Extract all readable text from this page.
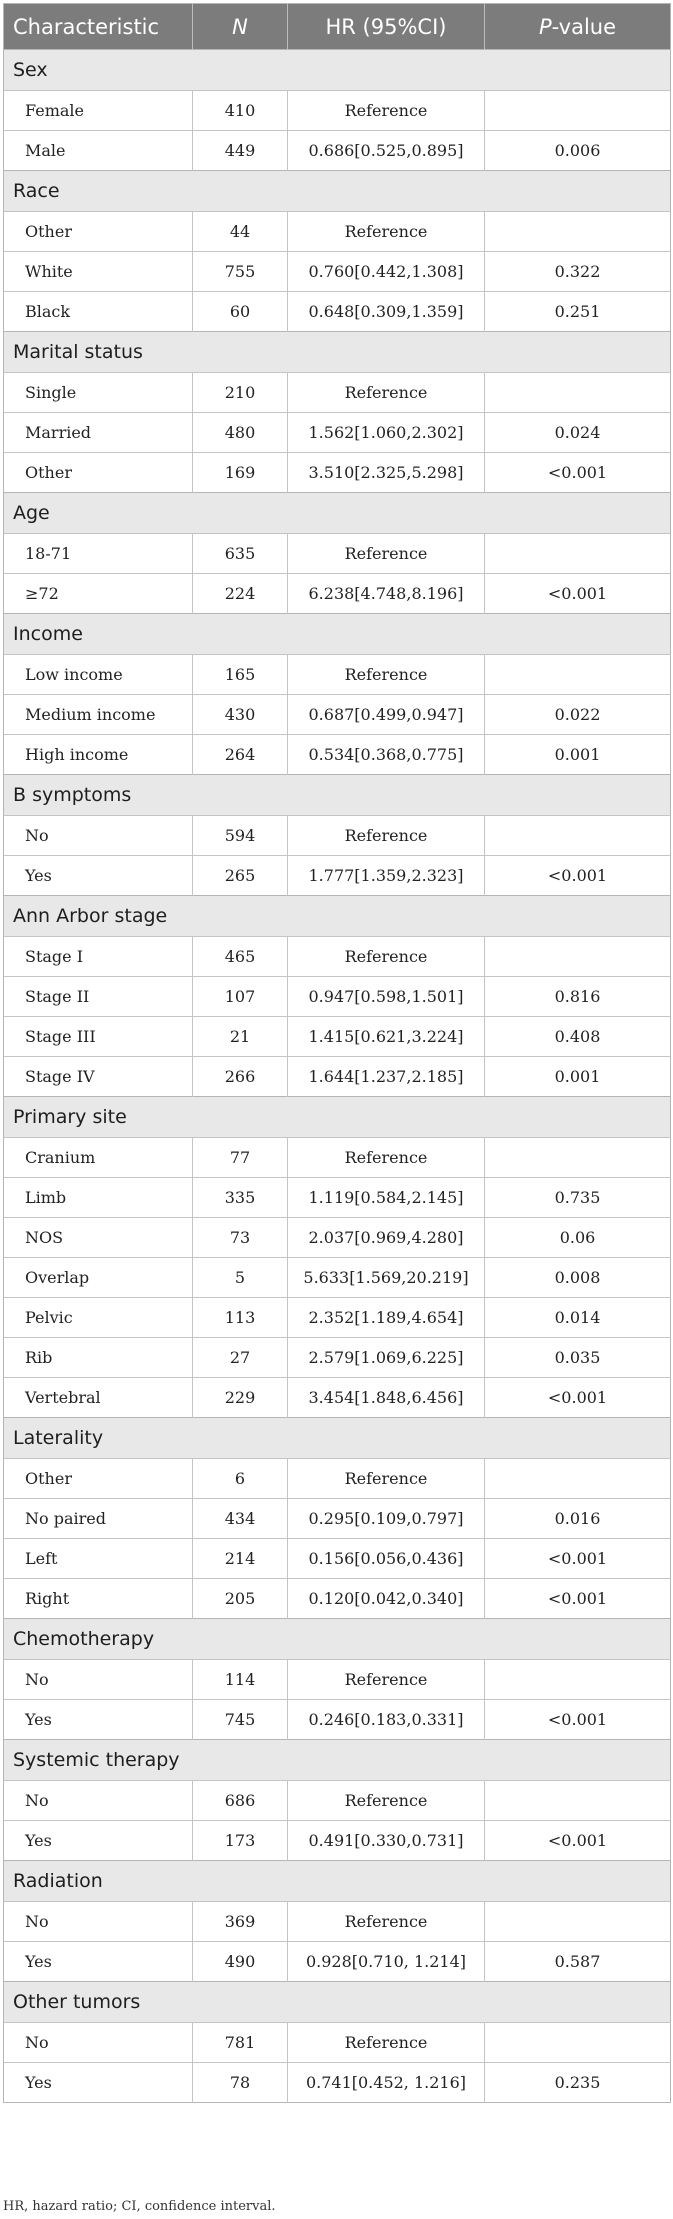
Characteristic	N	HR (95%CI)	P-value
Sex			
Female	410	Reference	
Male	449	0.686[0.525,0.895]	0.006
Race			
Other	44	Reference	
White	755	0.760[0.442,1.308]	0.322
Black	60	0.648[0.309,1.359]	0.251
Marital status			
Single	210	Reference	
Married	480	1.562[1.060,2.302]	0.024
Other	169	3.510[2.325,5.298]	<0.001
Age			
18-71	635	Reference	
≥72	224	6.238[4.748,8.196]	<0.001
Income			
Low income	165	Reference	
Medium income	430	0.687[0.499,0.947]	0.022
High income	264	0.534[0.368,0.775]	0.001
B symptoms			
No	594	Reference	
Yes	265	1.777[1.359,2.323]	<0.001
Ann Arbor stage			
Stage I	465	Reference	
Stage II	107	0.947[0.598,1.501]	0.816
Stage III	21	1.415[0.621,3.224]	0.408
Stage IV	266	1.644[1.237,2.185]	0.001
Primary site			
Cranium	77	Reference	
Limb	335	1.119[0.584,2.145]	0.735
NOS	73	2.037[0.969,4.280]	0.06
Overlap	5	5.633[1.569,20.219]	0.008
Pelvic	113	2.352[1.189,4.654]	0.014
Rib	27	2.579[1.069,6.225]	0.035
Vertebral	229	3.454[1.848,6.456]	<0.001
Laterality			
Other	6	Reference	
No paired	434	0.295[0.109,0.797]	0.016
Left	214	0.156[0.056,0.436]	<0.001
Right	205	0.120[0.042,0.340]	<0.001
Chemotherapy			
No	114	Reference	
Yes	745	0.246[0.183,0.331]	<0.001
Systemic therapy			
No	686	Reference	
Yes	173	0.491[0.330,0.731]	<0.001
Radiation			
No	369	Reference	
Yes	490	0.928[0.710, 1.214]	0.587
Other tumors			
No	781	Reference	
Yes	78	0.741[0.452, 1.216]	0.235
HR, hazard ratio; CI, confidence interval.
